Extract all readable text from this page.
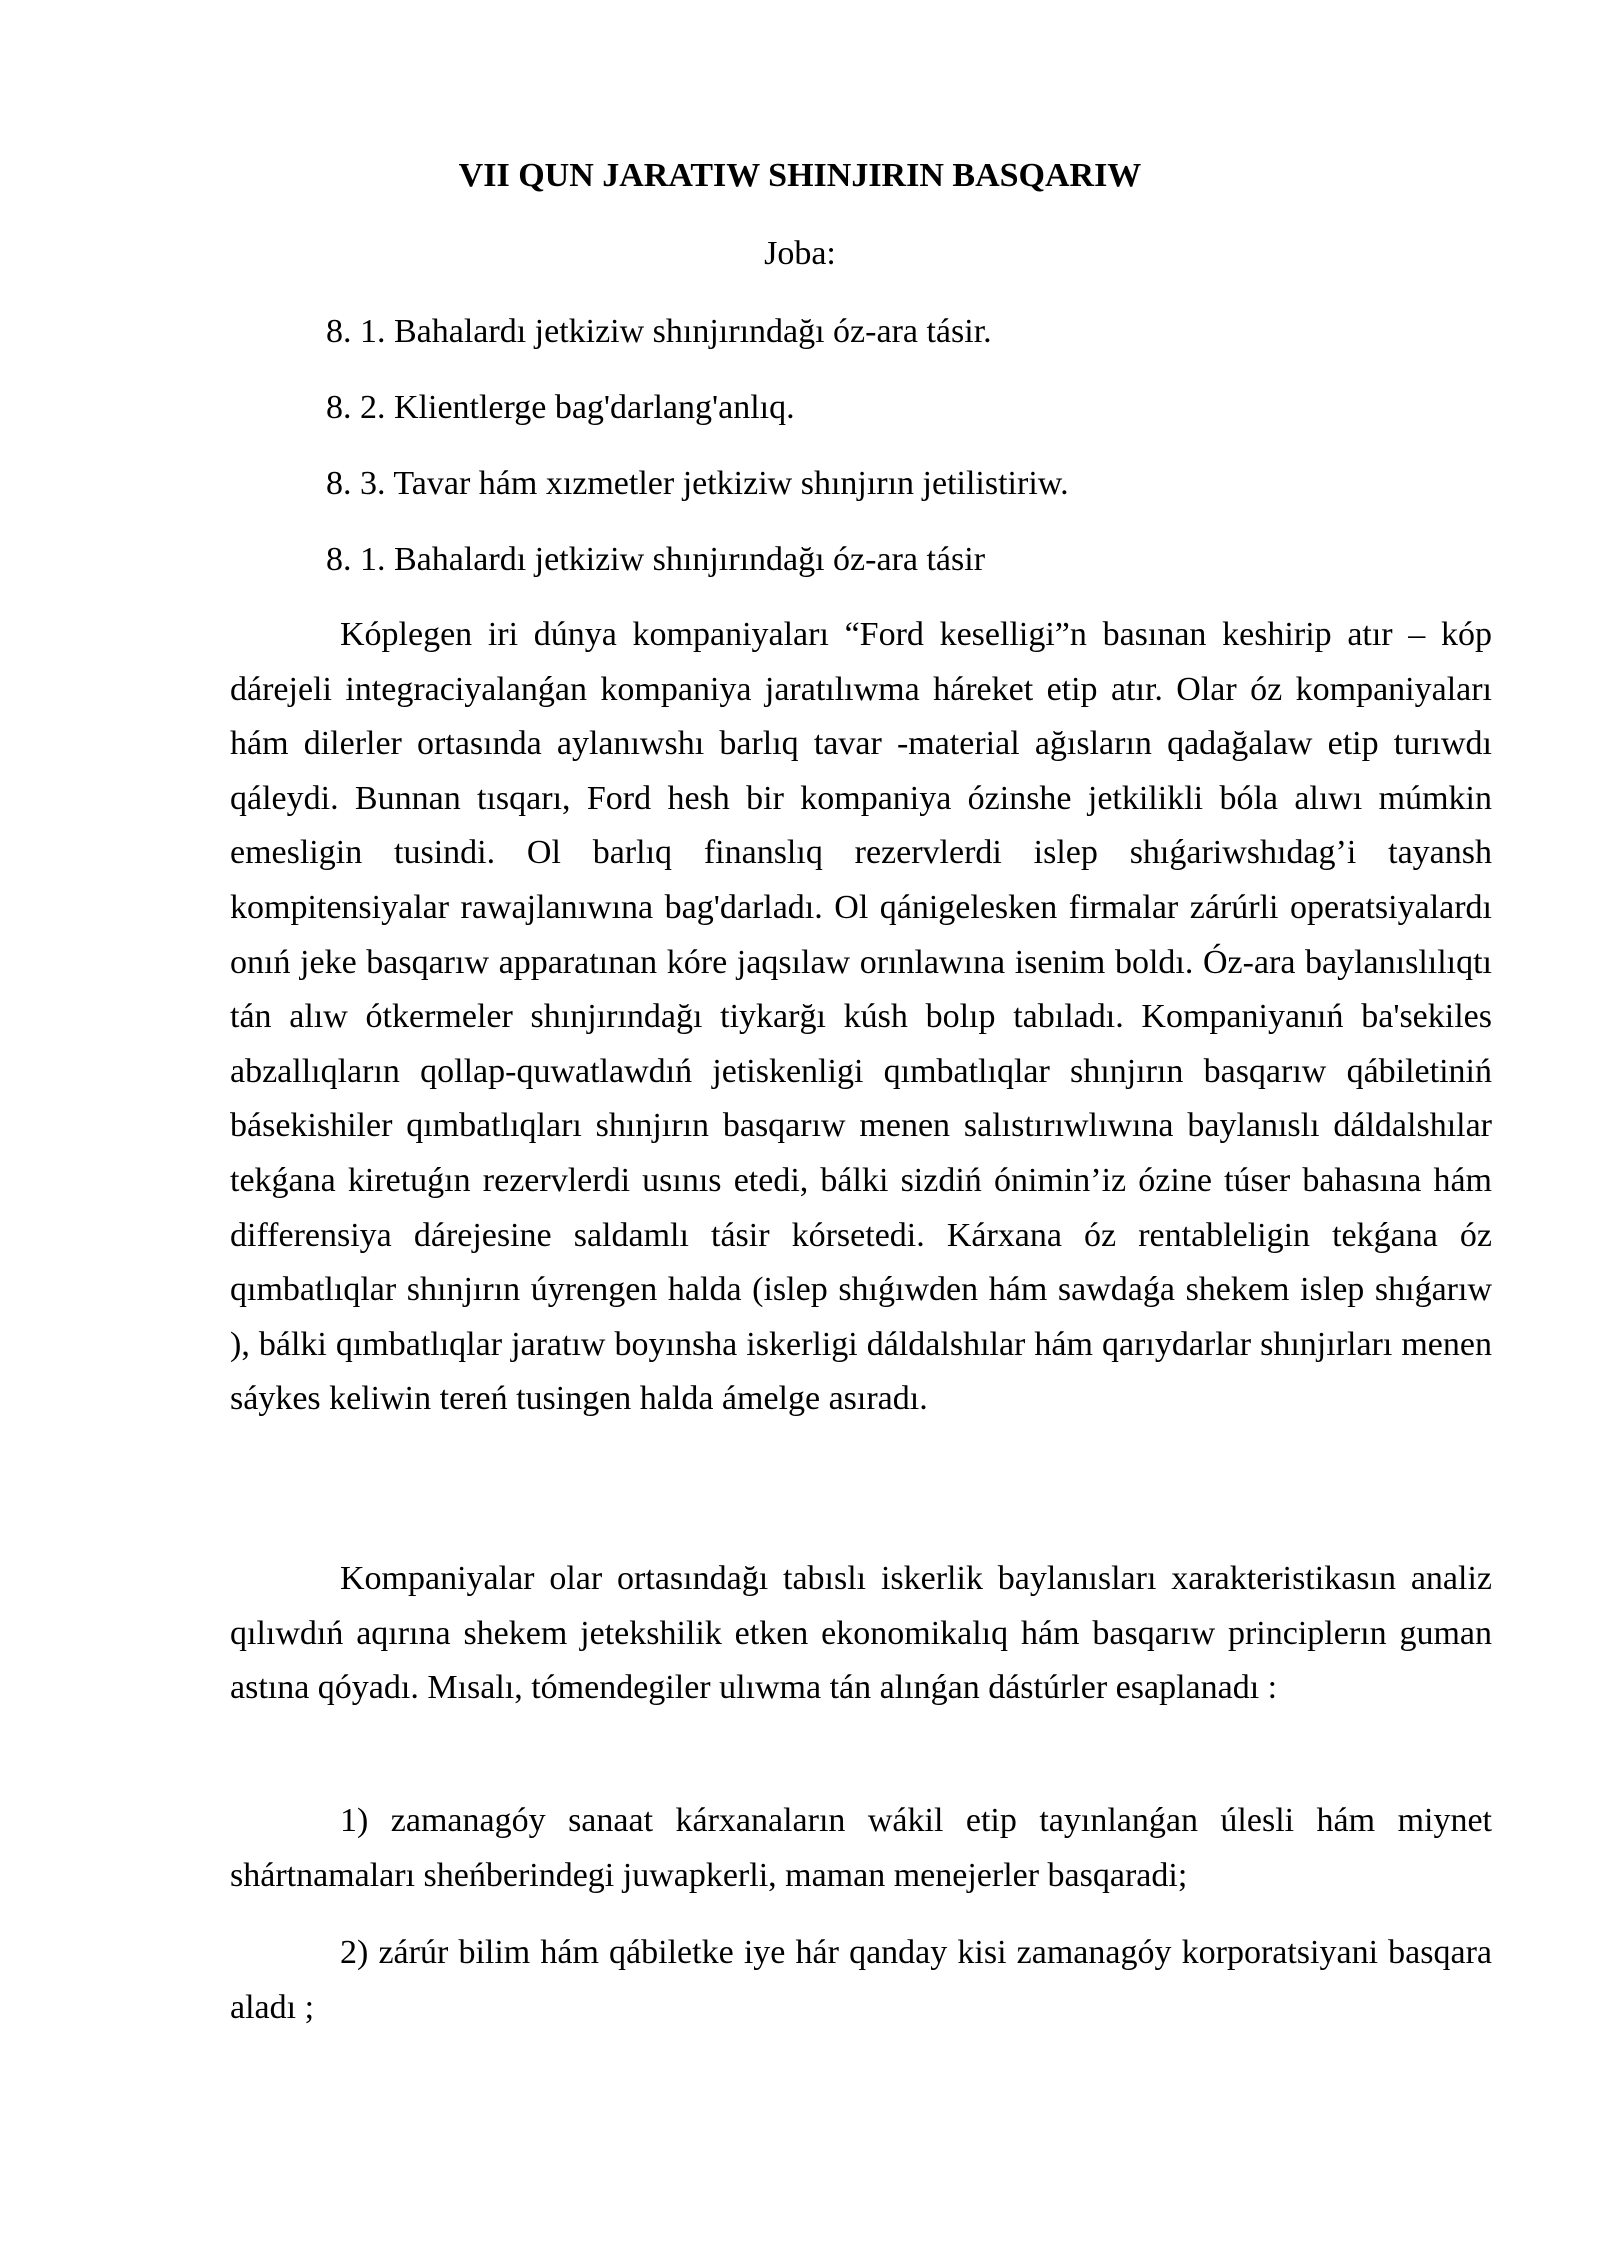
VII QUN JARATIW SHINJIRIN BASQARIW
Joba:
8. 1. Bahalardı jetkiziw shınjırındağı óz-ara tásir.
8. 2. Klientlerge bag'darlang'anlıq.
8. 3. Tavar hám xızmetler jetkiziw shınjırın jetilistiriw.
8. 1. Bahalardı jetkiziw shınjırındağı óz-ara tásir

Kóplegen iri dúnya kompaniyaları “Ford keselligi”n basınan keshirip atır – kóp dárejeli integraciyalanǵan kompaniya jaratılıwma háreket etip atır. Olar óz kompaniyaları hám dilerler ortasında aylanıwshı barlıq tavar -material ağısların qadağalaw etip turıwdı qáleydi. Bunnan tısqarı, Ford hesh bir kompaniya ózinshe jetkilikli bóla alıwı múmkin emesligin tusindi. Ol barlıq finanslıq rezervlerdi islep shıǵariwshıdag’i tayansh kompitensiyalar rawajlanıwına bag'darladı. Ol qánigelesken firmalar zárúrli operatsiyalardı onıń jeke basqarıw apparatınan kóre jaqsılaw orınlawına isenim boldı. Óz-ara baylanıslılıqtı tán alıw ótkermeler shınjırındağı tiykarğı kúsh bolıp tabıladı. Kompaniyanıń ba'sekiles abzallıqların qollap-quwatlawdıń jetiskenligi qımbatlıqlar shınjırın basqarıw qábiletiniń básekishiler qımbatlıqları shınjırın basqarıw menen salıstırıwlıwına baylanıslı dáldalshılar tekǵana kiretuǵın rezervlerdi usınıs etedi, bálki sizdiń ónimin’iz ózine túser bahasına hám differensiya dárejesine saldamlı tásir kórsetedi. Kárxana óz rentableligin tekǵana óz qımbatlıqlar shınjırın úyrengen halda (islep shıǵıwden hám sawdaǵa shekem islep shıǵarıw ), bálki qımbatlıqlar jaratıw boyınsha iskerligi dáldalshılar hám qarıydarlar shınjırları menen sáykes keliwin tereń tusingen halda ámelge asıradı.

Kompaniyalar olar ortasındağı tabıslı iskerlik baylanısları xarakteristikasın analiz qılıwdıń aqırına shekem jetekshilik etken ekonomikalıq hám basqarıw principlerın guman astına qóyadı. Mısalı, tómendegiler ulıwma tán alınǵan dástúrler esaplanadı :

1) zamanagóy sanaat kárxanaların wákil etip tayınlanǵan úlesli hám miynet shártnamaları sheńberindegi juwapkerli, maman menejerler basqaradi;

2) zárúr bilim hám qábiletke iye hár qanday kisi zamanagóy korporatsiyani basqara aladı ;
